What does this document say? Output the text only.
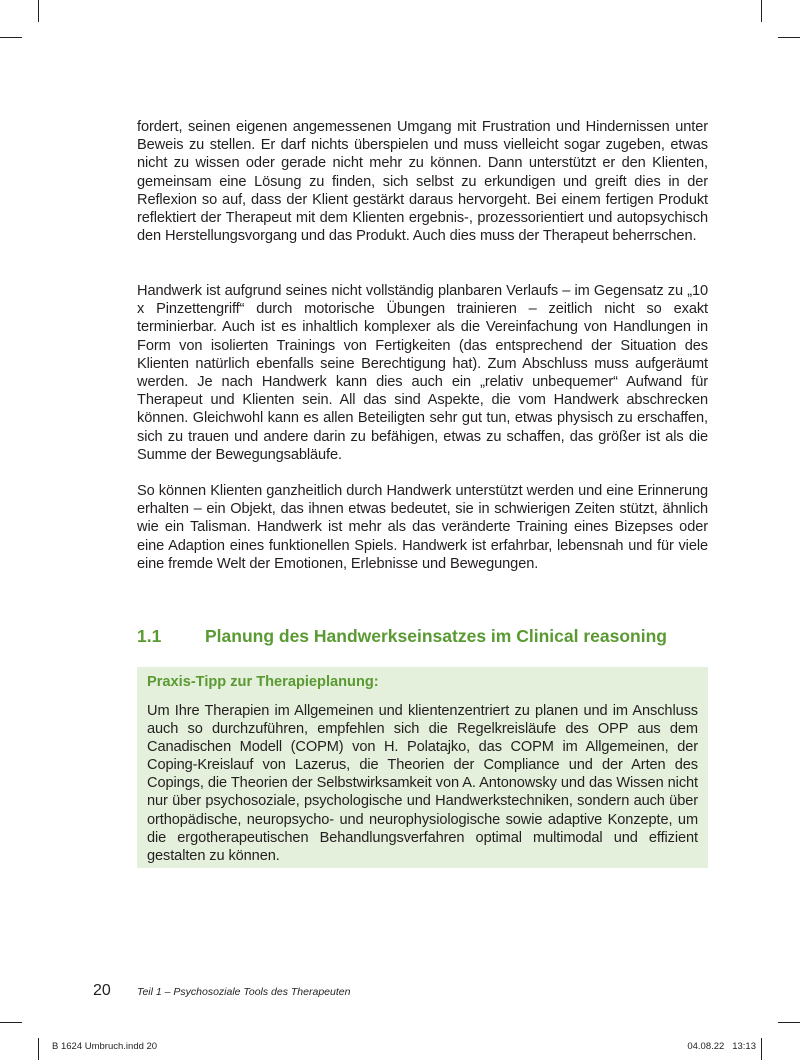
fordert, seinen eigenen angemessenen Umgang mit Frustration und Hindernissen unter Beweis zu stellen. Er darf nichts überspielen und muss vielleicht sogar zugeben, etwas nicht zu wissen oder gerade nicht mehr zu können. Dann unterstützt er den Klienten, gemeinsam eine Lösung zu finden, sich selbst zu erkundigen und greift dies in der Reflexion so auf, dass der Klient gestärkt daraus hervorgeht. Bei einem fertigen Produkt reflektiert der Therapeut mit dem Klienten ergebnis-, prozessorientiert und autopsychisch den Herstellungsvorgang und das Produkt. Auch dies muss der Therapeut beherrschen.

Handwerk ist aufgrund seines nicht vollständig planbaren Verlaufs – im Gegensatz zu „10 x Pinzettengriff“ durch motorische Übungen trainieren – zeitlich nicht so exakt terminierbar. Auch ist es inhaltlich komplexer als die Vereinfachung von Handlungen in Form von isolierten Trainings von Fertigkeiten (das entsprechend der Situation des Klienten natürlich ebenfalls seine Berechtigung hat). Zum Abschluss muss aufgeräumt werden. Je nach Handwerk kann dies auch ein „relativ unbequemer“ Aufwand für Therapeut und Klienten sein. All das sind Aspekte, die vom Handwerk abschrecken können. Gleichwohl kann es allen Beteiligten sehr gut tun, etwas physisch zu erschaffen, sich zu trauen und andere darin zu befähigen, etwas zu schaffen, das größer ist als die Summe der Bewegungsabläufe.

So können Klienten ganzheitlich durch Handwerk unterstützt werden und eine Erinnerung erhalten – ein Objekt, das ihnen etwas bedeutet, sie in schwierigen Zeiten stützt, ähnlich wie ein Talisman. Handwerk ist mehr als das veränderte Training eines Bizepses oder eine Adaption eines funktionellen Spiels. Handwerk ist erfahrbar, lebensnah und für viele eine fremde Welt der Emotionen, Erlebnisse und Bewegungen.

1.1 Planung des Handwerkseinsatzes im Clinical reasoning
Praxis-Tipp zur Therapieplanung:
Um Ihre Therapien im Allgemeinen und klientenzentriert zu planen und im Anschluss auch so durchzuführen, empfehlen sich die Regelkreisläufe des OPP aus dem Canadischen Modell (COPM) von H. Polatajko, das COPM im Allgemeinen, der Coping-Kreislauf von Lazerus, die Theorien der Compliance und der Arten des Copings, die Theorien der Selbstwirksamkeit von A. Antonowsky und das Wissen nicht nur über psychosoziale, psychologische und Handwerkstechniken, sondern auch über orthopädische, neuropsycho- und neurophysiologische sowie adaptive Konzepte, um die ergotherapeutischen Behandlungsverfahren optimal multimodal und effizient gestalten zu können.
20 Teil 1 – Psychosoziale Tools des Therapeuten
B 1624 Umbruch.indd 20	04.08.22   13:13
